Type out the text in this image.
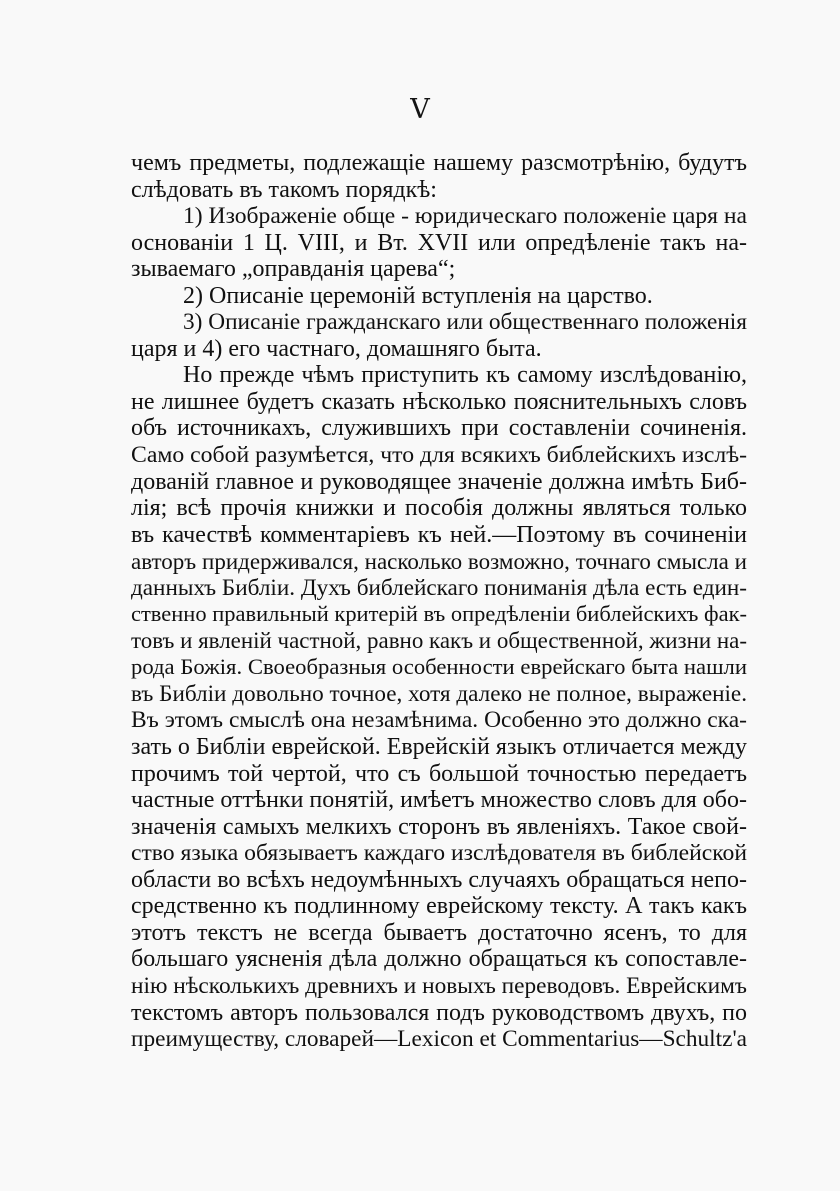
V
чемъ предметы, подлежащіе нашему разсмотрѣнію, будутъ
слѣдовать въ такомъ порядкѣ:
1) Изображеніе обще - юридическаго положеніе царя на
основаніи 1 Ц. VIII, и Вт. XVII или опредѣленіе такъ на-
зываемаго „оправданія царева“;
2) Описаніе церемоній вступленія на царство.
3) Описаніе гражданскаго или общественнаго положенія
царя и 4) его частнаго, домашняго быта.
Но прежде чѣмъ приступить къ самому изслѣдованію,
не лишнее будетъ сказать нѣсколько пояснительныхъ словъ
объ источникахъ, служившихъ при составленіи сочиненія.
Само собой разумѣется, что для всякихъ библейскихъ изслѣ-
дованій главное и руководящее значеніе должна имѣть Биб-
лія; всѣ прочія книжки и пособія должны являться только
въ качествѣ комментаріевъ къ ней.—Поэтому въ сочиненіи
авторъ придерживался, насколько возможно, точнаго смысла и
данныхъ Библіи. Духъ библейскаго пониманія дѣла есть един-
ственно правильный критерій въ опредѣленіи библейскихъ фак-
товъ и явленій частной, равно какъ и общественной, жизни на-
рода Божія. Своеобразныя особенности еврейскаго быта нашли
въ Библіи довольно точное, хотя далеко не полное, выраженіе.
Въ этомъ смыслѣ она незамѣнима. Особенно это должно ска-
зать о Библіи еврейской. Еврейскій языкъ отличается между
прочимъ той чертой, что съ большой точностью передаетъ
частные оттѣнки понятій, имѣетъ множество словъ для обо-
значенія самыхъ мелкихъ сторонъ въ явленіяхъ. Такое свой-
ство языка обязываетъ каждаго изслѣдователя въ библейской
области во всѣхъ недоумѣнныхъ случаяхъ обращаться непо-
средственно къ подлинному еврейскому тексту. А такъ какъ
этотъ текстъ не всегда бываетъ достаточно ясенъ, то для
большаго уясненія дѣла должно обращаться къ сопоставле-
нію нѣсколькихъ древнихъ и новыхъ переводовъ. Еврейскимъ
текстомъ авторъ пользовался подъ руководствомъ двухъ, по
преимуществу, словарей—Lexicon et Commentarius—Schultz'а
